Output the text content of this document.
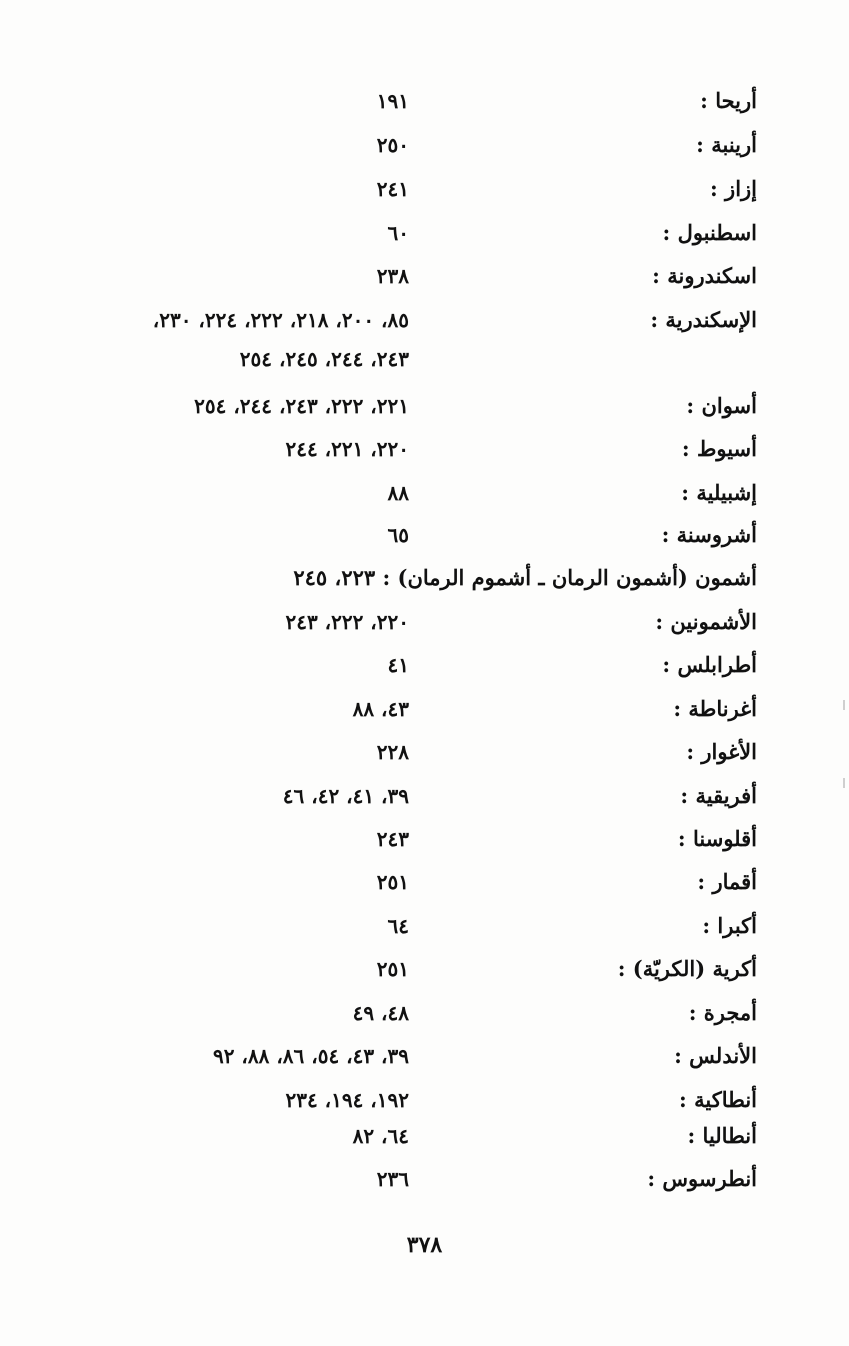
أريحا :
١٩١
أرينبة :
٢٥٠
إزاز :
٢٤١
اسطنبول :
٦٠
اسكندرونة :
٢٣٨
الإسكندرية :
٨٥، ٢٠٠، ٢١٨، ٢٢٢، ٢٢٤، ٢٣٠،
٢٤٣، ٢٤٤، ٢٤٥، ٢٥٤
أسوان :
٢٢١، ٢٢٢، ٢٤٣، ٢٤٤، ٢٥٤
أسيوط :
٢٢٠، ٢٢١، ٢٤٤
إشبيلية :
٨٨
أشروسنة :
٦٥
أشمون (أشمون الرمان ـ أشموم الرمان) : ٢٢٣، ٢٤٥
الأشمونين :
٢٢٠، ٢٢٢، ٢٤٣
أطرابلس :
٤١
أغرناطة :
٤٣، ٨٨
الأغوار :
٢٢٨
أفريقية :
٣٩، ٤١، ٤٢، ٤٦
أقلوسنا :
٢٤٣
أقمار :
٢٥١
أكبرا :
٦٤
أكرية (الكريّة) :
٢٥١
أمجرة :
٤٨، ٤٩
الأندلس :
٣٩، ٤٣، ٥٤، ٨٦، ٨٨، ٩٢
أنطاكية :
١٩٢، ١٩٤، ٢٣٤
أنطاليا :
٦٤، ٨٢
أنطرسوس :
٢٣٦
٣٧٨
